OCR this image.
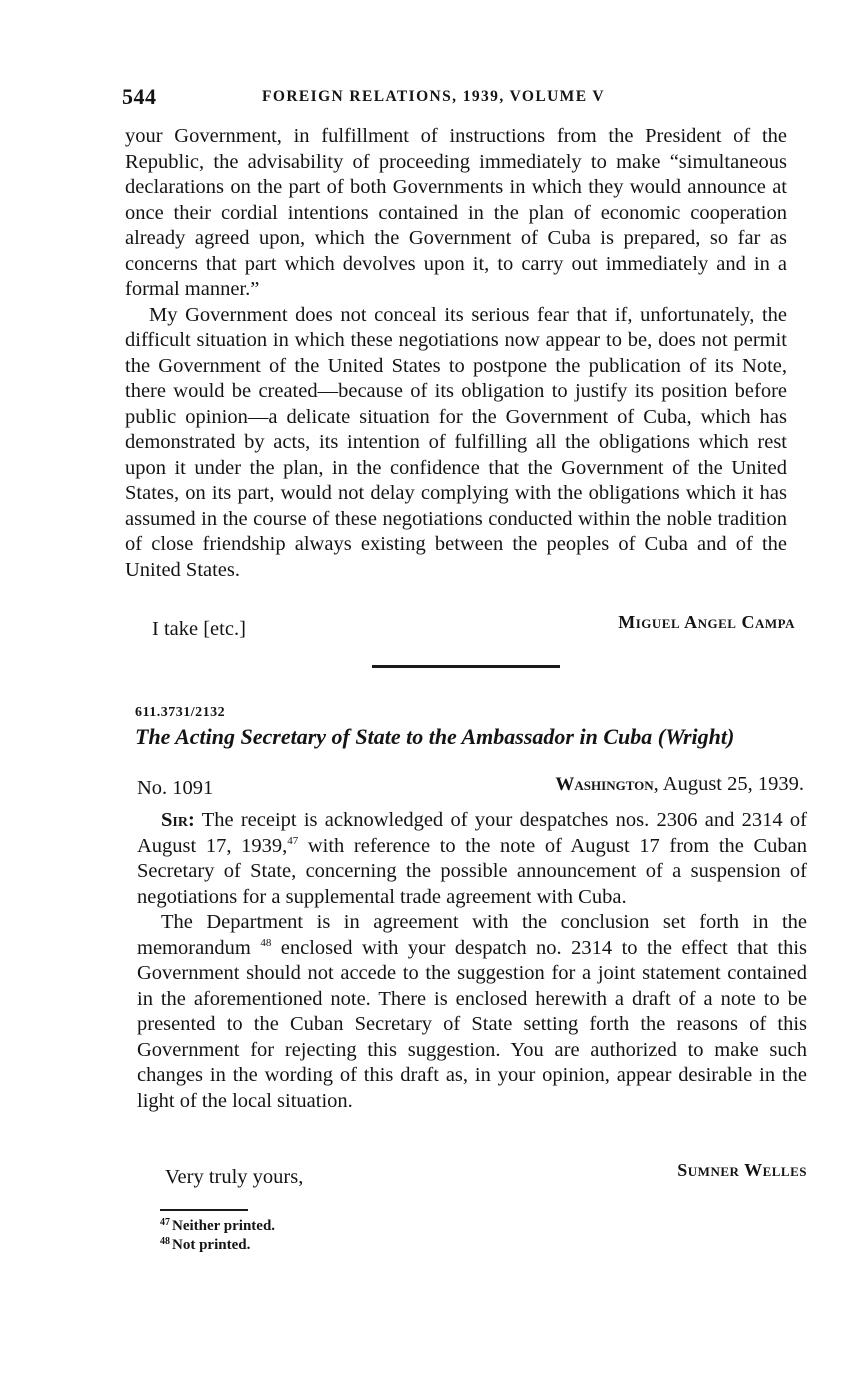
544	FOREIGN RELATIONS, 1939, VOLUME V

your Government, in fulfillment of instructions from the President of the Republic, the advisability of proceeding immediately to make “simultaneous declarations on the part of both Governments in which they would announce at once their cordial intentions contained in the plan of economic cooperation already agreed upon, which the Government of Cuba is prepared, so far as concerns that part which devolves upon it, to carry out immediately and in a formal manner.”

My Government does not conceal its serious fear that if, unfortunately, the difficult situation in which these negotiations now appear to be, does not permit the Government of the United States to postpone the publication of its Note, there would be created—because of its obligation to justify its position before public opinion—a delicate situation for the Government of Cuba, which has demonstrated by acts, its intention of fulfilling all the obligations which rest upon it under the plan, in the confidence that the Government of the United States, on its part, would not delay complying with the obligations which it has assumed in the course of these negotiations conducted within the noble tradition of close friendship always existing between the peoples of Cuba and of the United States.

I take [etc.]	Miguel Angel Campa
611.3731/2132
The Acting Secretary of State to the Ambassador in Cuba (Wright)
No. 1091	Washington, August 25, 1939.

Sir: The receipt is acknowledged of your despatches nos. 2306 and 2314 of August 17, 1939,47 with reference to the note of August 17 from the Cuban Secretary of State, concerning the possible announcement of a suspension of negotiations for a supplemental trade agreement with Cuba.

The Department is in agreement with the conclusion set forth in the memorandum $^{48}$ enclosed with your despatch no. 2314 to the effect that this Government should not accede to the suggestion for a joint statement contained in the aforementioned note. There is enclosed herewith a draft of a note to be presented to the Cuban Secretary of State setting forth the reasons of this Government for rejecting this suggestion. You are authorized to make such changes in the wording of this draft as, in your opinion, appear desirable in the light of the local situation.

Very truly yours,	Sumner Welles
$^{47}$ Neither printed.
$^{48}$ Not printed.
